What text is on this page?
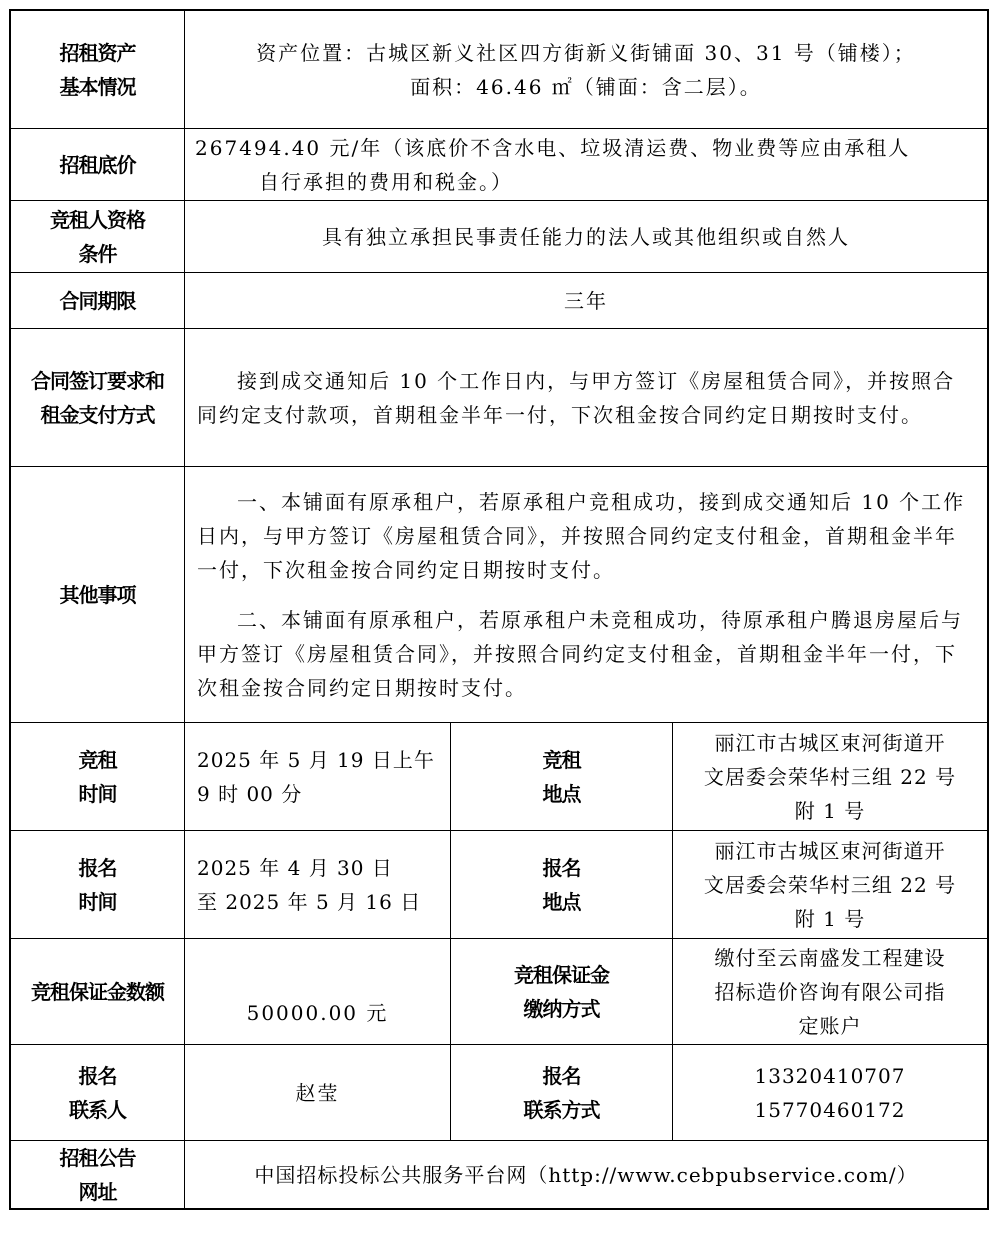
招租资产
基本情况
资产位置：古城区新义社区四方街新义街铺面 30、31 号（铺楼）；
面积：46.46 ㎡（铺面：含二层）。
招租底价
267494.40 元/年（该底价不含水电、垃圾清运费、物业费等应由承租人
自行承担的费用和税金。）
竞租人资格
条件
具有独立承担民事责任能力的法人或其他组织或自然人
合同期限	三年
合同签订要求和
租金支付方式
接到成交通知后 10 个工作日内，与甲方签订《房屋租赁合同》，并按照合同约定支付款项，首期租金半年一付，下次租金按合同约定日期按时支付。
其他事项
一、本铺面有原承租户，若原承租户竞租成功，接到成交通知后 10 个工作日内，与甲方签订《房屋租赁合同》，并按照合同约定支付租金，首期租金半年一付，下次租金按合同约定日期按时支付。
二、本铺面有原承租户，若原承租户未竞租成功，待原承租户腾退房屋后与甲方签订《房屋租赁合同》，并按照合同约定支付租金，首期租金半年一付，下次租金按合同约定日期按时支付。
竞租
时间
2025 年 5 月 19 日上午
9 时 00 分
竞租
地点
丽江市古城区束河街道开
文居委会荣华村三组 22 号
附 1 号
报名
时间
2025 年 4 月 30 日
至 2025 年 5 月 16 日
报名
地点
丽江市古城区束河街道开
文居委会荣华村三组 22 号
附 1 号
竞租保证金数额
50000.00 元
竞租保证金
缴纳方式
缴付至云南盛发工程建设
招标造价咨询有限公司指
定账户
报名
联系人
赵莹
报名
联系方式
13320410707
15770460172
招租公告
网址
中国招标投标公共服务平台网（http://www.cebpubservice.com/）
